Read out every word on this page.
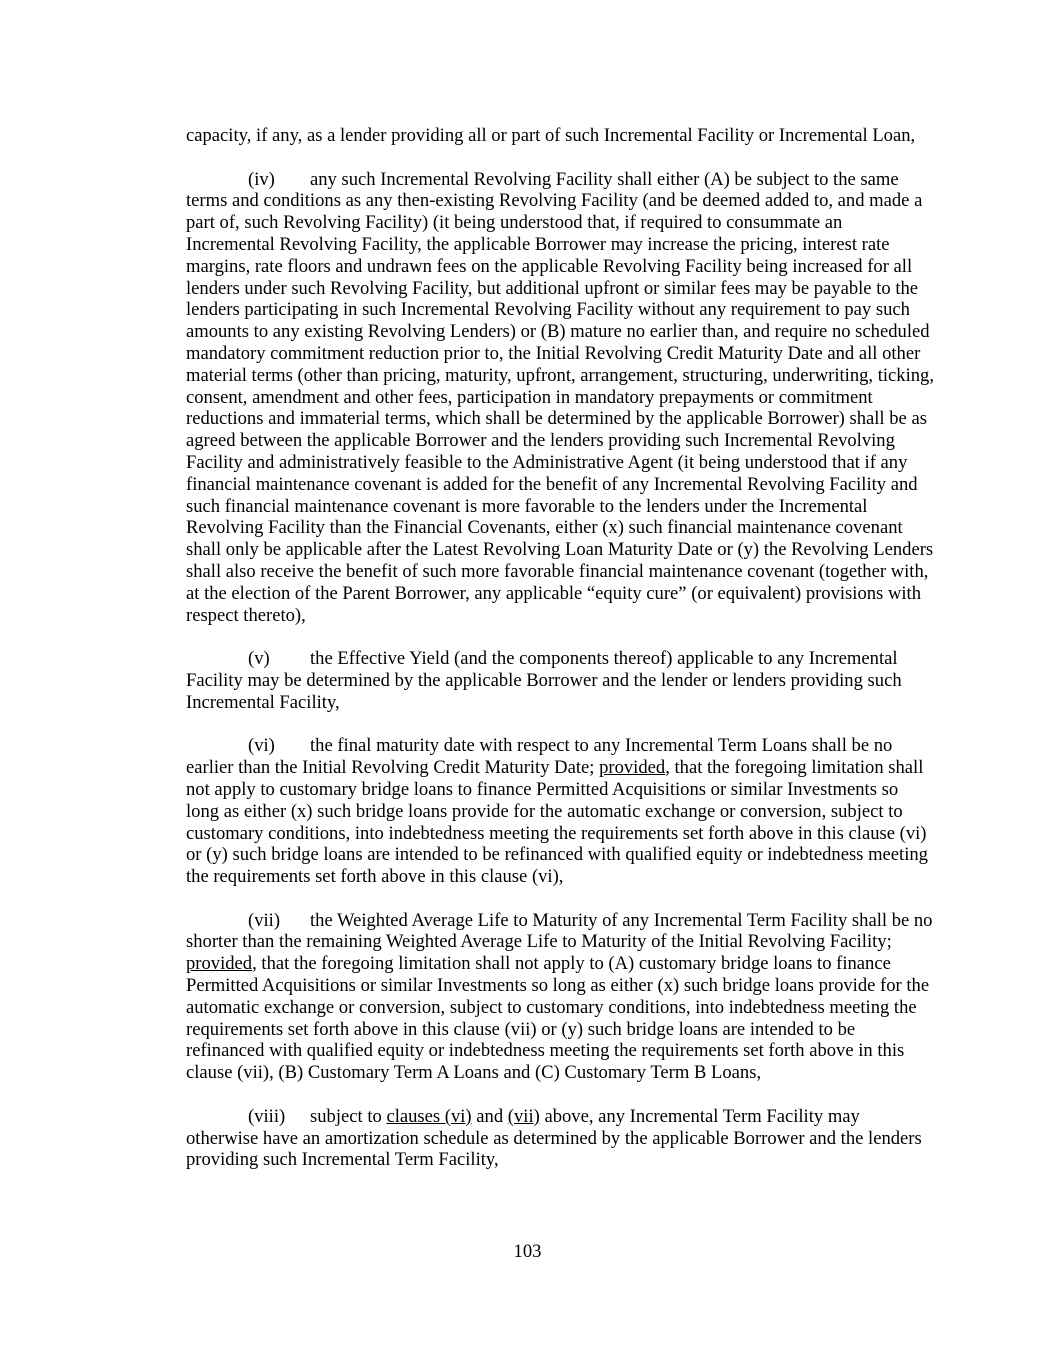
capacity, if any, as a lender providing all or part of such Incremental Facility or Incremental Loan,

(iv) any such Incremental Revolving Facility shall either (A) be subject to the same terms and conditions as any then-existing Revolving Facility (and be deemed added to, and made a part of, such Revolving Facility) (it being understood that, if required to consummate an Incremental Revolving Facility, the applicable Borrower may increase the pricing, interest rate margins, rate floors and undrawn fees on the applicable Revolving Facility being increased for all lenders under such Revolving Facility, but additional upfront or similar fees may be payable to the lenders participating in such Incremental Revolving Facility without any requirement to pay such amounts to any existing Revolving Lenders) or (B) mature no earlier than, and require no scheduled mandatory commitment reduction prior to, the Initial Revolving Credit Maturity Date and all other material terms (other than pricing, maturity, upfront, arrangement, structuring, underwriting, ticking, consent, amendment and other fees, participation in mandatory prepayments or commitment reductions and immaterial terms, which shall be determined by the applicable Borrower) shall be as agreed between the applicable Borrower and the lenders providing such Incremental Revolving Facility and administratively feasible to the Administrative Agent (it being understood that if any financial maintenance covenant is added for the benefit of any Incremental Revolving Facility and such financial maintenance covenant is more favorable to the lenders under the Incremental Revolving Facility than the Financial Covenants, either (x) such financial maintenance covenant shall only be applicable after the Latest Revolving Loan Maturity Date or (y) the Revolving Lenders shall also receive the benefit of such more favorable financial maintenance covenant (together with, at the election of the Parent Borrower, any applicable “equity cure” (or equivalent) provisions with respect thereto),

(v) the Effective Yield (and the components thereof) applicable to any Incremental Facility may be determined by the applicable Borrower and the lender or lenders providing such Incremental Facility,

(vi) the final maturity date with respect to any Incremental Term Loans shall be no earlier than the Initial Revolving Credit Maturity Date; provided, that the foregoing limitation shall not apply to customary bridge loans to finance Permitted Acquisitions or similar Investments so long as either (x) such bridge loans provide for the automatic exchange or conversion, subject to customary conditions, into indebtedness meeting the requirements set forth above in this clause (vi) or (y) such bridge loans are intended to be refinanced with qualified equity or indebtedness meeting the requirements set forth above in this clause (vi),

(vii) the Weighted Average Life to Maturity of any Incremental Term Facility shall be no shorter than the remaining Weighted Average Life to Maturity of the Initial Revolving Facility; provided, that the foregoing limitation shall not apply to (A) customary bridge loans to finance Permitted Acquisitions or similar Investments so long as either (x) such bridge loans provide for the automatic exchange or conversion, subject to customary conditions, into indebtedness meeting the requirements set forth above in this clause (vii) or (y) such bridge loans are intended to be refinanced with qualified equity or indebtedness meeting the requirements set forth above in this clause (vii), (B) Customary Term A Loans and (C) Customary Term B Loans,

(viii) subject to clauses (vi) and (vii) above, any Incremental Term Facility may otherwise have an amortization schedule as determined by the applicable Borrower and the lenders providing such Incremental Term Facility,

103
